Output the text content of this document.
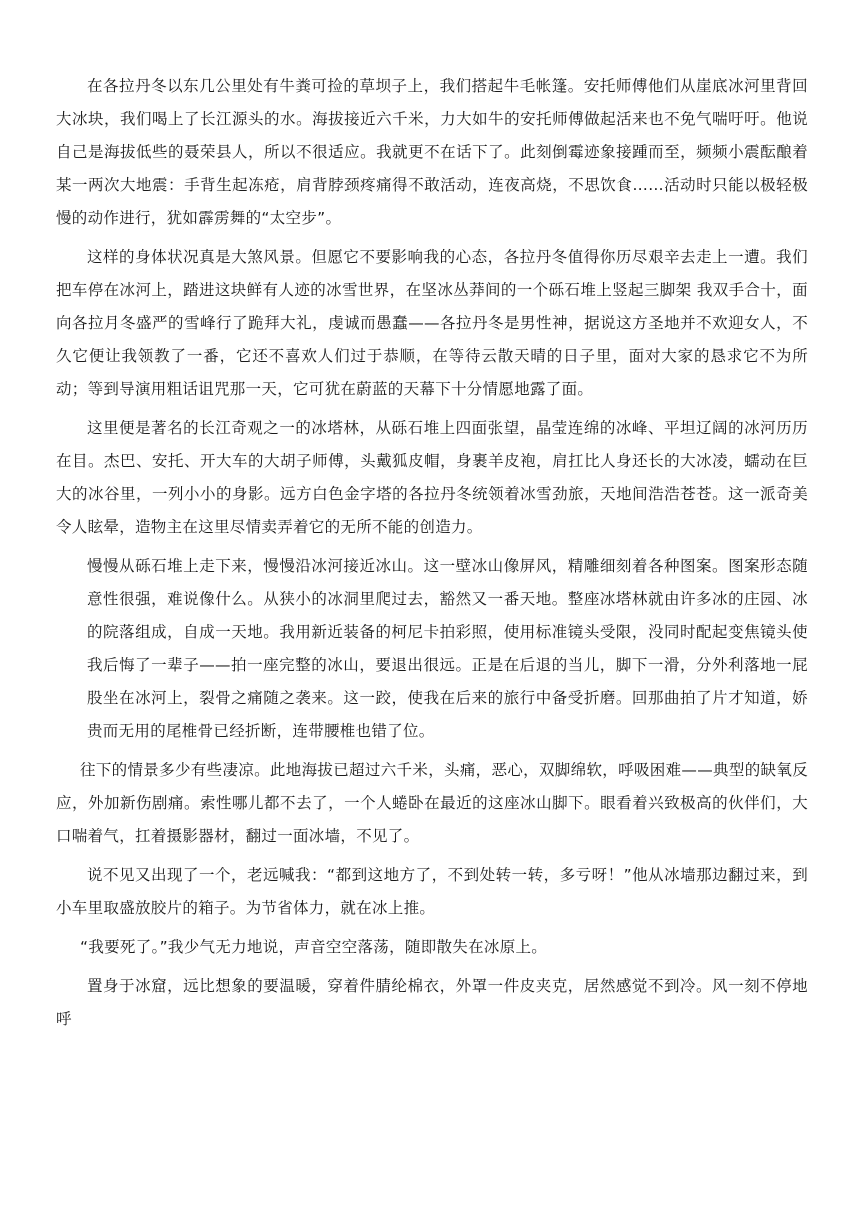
在各拉丹冬以东几公里处有牛粪可捡的草坝子上，我们搭起牛毛帐篷。安托师傅他们从崖底冰河里背回大冰块，我们喝上了长江源头的水。海拔接近六千米，力大如牛的安托师傅做起活来也不免气喘吁吁。他说自己是海拔低些的聂荣县人，所以不很适应。我就更不在话下了。此刻倒霉迹象接踵而至，频频小震酝酿着某一两次大地震：手背生起冻疮，肩背脖颈疼痛得不敢活动，连夜高烧，不思饮食……活动时只能以极轻极慢的动作进行，犹如霹雳舞的“太空步”。

这样的身体状况真是大煞风景。但愿它不要影响我的心态，各拉丹冬值得你历尽艰辛去走上一遭。我们把车停在冰河上，踏进这块鲜有人迹的冰雪世界，在坚冰丛莽间的一个砾石堆上竖起三脚架 我双手合十，面向各拉月冬盛严的雪峰行了跪拜大礼，虔诚而愚蠢——各拉丹冬是男性神，据说这方圣地并不欢迎女人，不久它便让我领教了一番，它还不喜欢人们过于恭顺，在等待云散天晴的日子里，面对大家的恳求它不为所动；等到导演用粗话诅咒那一天，它可犹在蔚蓝的天幕下十分情愿地露了面。

这里便是著名的长江奇观之一的冰塔林，从砾石堆上四面张望，晶莹连绵的冰峰、平坦辽阔的冰河历历在目。杰巴、安托、开大车的大胡子师傅，头戴狐皮帽，身裹羊皮袍，肩扛比人身还长的大冰凌，蠕动在巨大的冰谷里，一列小小的身影。远方白色金字塔的各拉丹冬统领着冰雪劲旅，天地间浩浩苍苍。这一派奇美令人眩晕，造物主在这里尽情卖弄着它的无所不能的创造力。

慢慢从砾石堆上走下来，慢慢沿冰河接近冰山。这一壁冰山像屏风，精雕细刻着各种图案。图案形态随意性很强，难说像什么。从狭小的冰洞里爬过去，豁然又一番天地。整座冰塔林就由许多冰的庄园、冰的院落组成，自成一天地。我用新近装备的柯尼卡拍彩照，使用标准镜头受限，没同时配起变焦镜头使我后悔了一辈子——拍一座完整的冰山，要退出很远。正是在后退的当儿，脚下一滑，分外利落地一屁股坐在冰河上，裂骨之痛随之袭来。这一跤，使我在后来的旅行中备受折磨。回那曲拍了片才知道，娇贵而无用的尾椎骨已经折断，连带腰椎也错了位。

往下的情景多少有些凄凉。此地海拔已超过六千米，头痛，恶心，双脚绵软，呼吸困难——典型的缺氧反应，外加新伤剧痛。索性哪儿都不去了，一个人蜷卧在最近的这座冰山脚下。眼看着兴致极高的伙伴们，大口喘着气，扛着摄影器材，翻过一面冰墙，不见了。

说不见又出现了一个，老远喊我：“都到这地方了，不到处转一转，多亏呀！”他从冰墙那边翻过来，到小车里取盛放胶片的箱子。为节省体力，就在冰上推。

“我要死了。”我少气无力地说，声音空空落荡，随即散失在冰原上。

置身于冰窟，远比想象的要温暖，穿着件腈纶棉衣，外罩一件皮夹克，居然感觉不到冷。风一刻不停地呼
